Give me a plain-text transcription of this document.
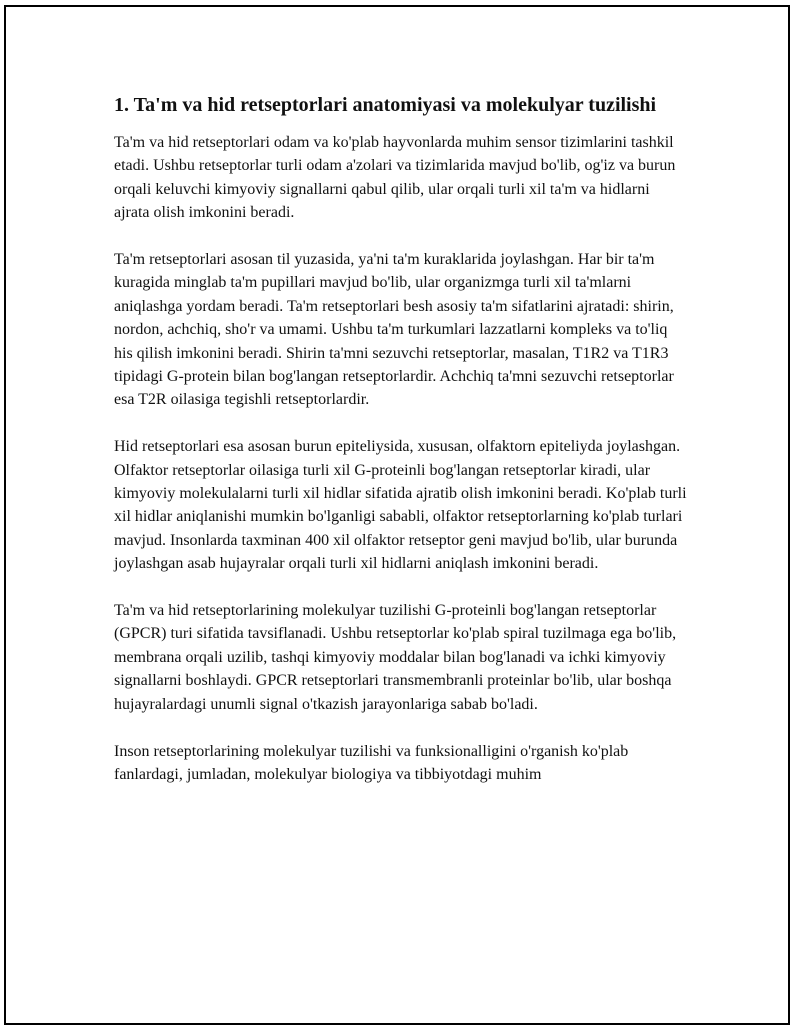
1. Ta'm va hid retseptorlari anatomiyasi va molekulyar tuzilishi

Ta'm va hid retseptorlari odam va ko'plab hayvonlarda muhim sensor tizimlarini tashkil etadi. Ushbu retseptorlar turli odam a'zolari va tizimlarida mavjud bo'lib, og'iz va burun orqali keluvchi kimyoviy signallarni qabul qilib, ular orqali turli xil ta'm va hidlarni ajrata olish imkonini beradi.

Ta'm retseptorlari asosan til yuzasida, ya'ni ta'm kuraklarida joylashgan. Har bir ta'm kuragida minglab ta'm pupillari mavjud bo'lib, ular organizmga turli xil ta'mlarni aniqlashga yordam beradi. Ta'm retseptorlari besh asosiy ta'm sifatlarini ajratadi: shirin, nordon, achchiq, sho'r va umami. Ushbu ta'm turkumlari lazzatlarni kompleks va to'liq his qilish imkonini beradi. Shirin ta'mni sezuvchi retseptorlar, masalan, T1R2 va T1R3 tipidagi G-protein bilan bog'langan retseptorlardir. Achchiq ta'mni sezuvchi retseptorlar esa T2R oilasiga tegishli retseptorlardir.

Hid retseptorlari esa asosan burun epiteliysida, xususan, olfaktorn epiteliyda joylashgan. Olfaktor retseptorlar oilasiga turli xil G-proteinli bog'langan retseptorlar kiradi, ular kimyoviy molekulalarni turli xil hidlar sifatida ajratib olish imkonini beradi. Ko'plab turli xil hidlar aniqlanishi mumkin bo'lganligi sababli, olfaktor retseptorlarning ko'plab turlari mavjud. Insonlarda taxminan 400 xil olfaktor retseptor geni mavjud bo'lib, ular burunda joylashgan asab hujayralar orqali turli xil hidlarni aniqlash imkonini beradi.

Ta'm va hid retseptorlarining molekulyar tuzilishi G-proteinli bog'langan retseptorlar (GPCR) turi sifatida tavsiflanadi. Ushbu retseptorlar ko'plab spiral tuzilmaga ega bo'lib, membrana orqali uzilib, tashqi kimyoviy moddalar bilan bog'lanadi va ichki kimyoviy signallarni boshlaydi. GPCR retseptorlari transmembranli proteinlar bo'lib, ular boshqa hujayralardagi unumli signal o'tkazish jarayonlariga sabab bo'ladi.

Inson retseptorlarining molekulyar tuzilishi va funksionalligini o'rganish ko'plab fanlardagi, jumladan, molekulyar biologiya va tibbiyotdagi muhim
